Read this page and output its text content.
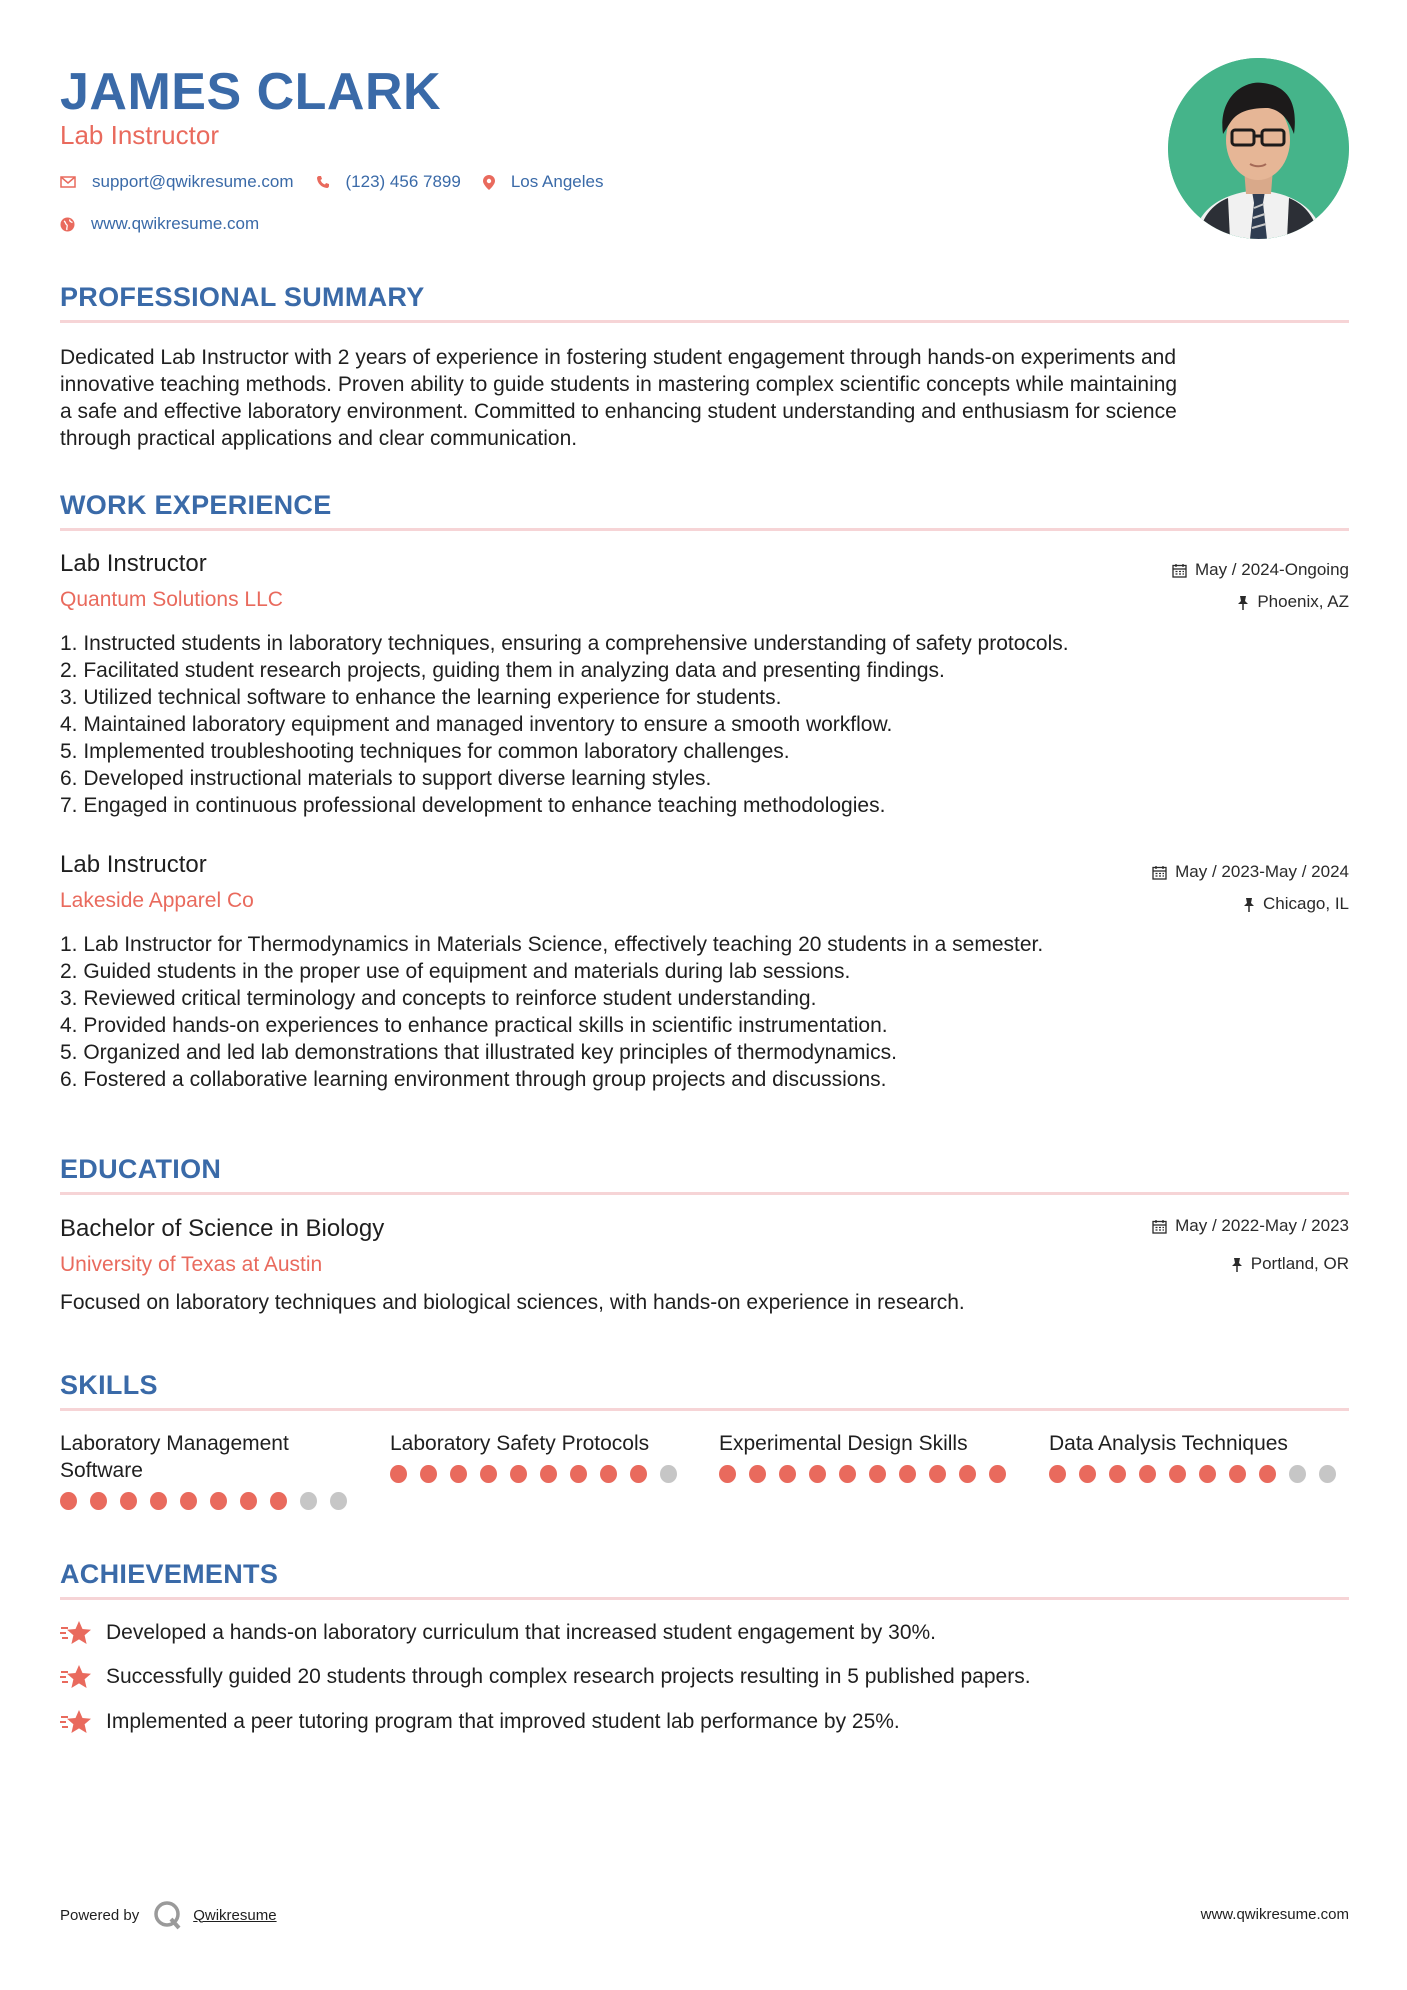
JAMES CLARK
Lab Instructor
support@qwikresume.com	(123) 456 7899	Los Angeles
www.qwikresume.com
PROFESSIONAL SUMMARY
Dedicated Lab Instructor with 2 years of experience in fostering student engagement through hands-on experiments and
innovative teaching methods. Proven ability to guide students in mastering complex scientific concepts while maintaining
a safe and effective laboratory environment. Committed to enhancing student understanding and enthusiasm for science
through practical applications and clear communication.
WORK EXPERIENCE
Lab Instructor
Quantum Solutions LLC
May / 2024-Ongoing
Phoenix, AZ
1. Instructed students in laboratory techniques, ensuring a comprehensive understanding of safety protocols.
2. Facilitated student research projects, guiding them in analyzing data and presenting findings.
3. Utilized technical software to enhance the learning experience for students.
4. Maintained laboratory equipment and managed inventory to ensure a smooth workflow.
5. Implemented troubleshooting techniques for common laboratory challenges.
6. Developed instructional materials to support diverse learning styles.
7. Engaged in continuous professional development to enhance teaching methodologies.
Lab Instructor
Lakeside Apparel Co
May / 2023-May / 2024
Chicago, IL
1. Lab Instructor for Thermodynamics in Materials Science, effectively teaching 20 students in a semester.
2. Guided students in the proper use of equipment and materials during lab sessions.
3. Reviewed critical terminology and concepts to reinforce student understanding.
4. Provided hands-on experiences to enhance practical skills in scientific instrumentation.
5. Organized and led lab demonstrations that illustrated key principles of thermodynamics.
6. Fostered a collaborative learning environment through group projects and discussions.
EDUCATION
Bachelor of Science in Biology
University of Texas at Austin
May / 2022-May / 2023
Portland, OR
Focused on laboratory techniques and biological sciences, with hands-on experience in research.
SKILLS
Laboratory Management
Software
Laboratory Safety Protocols	Experimental Design Skills	Data Analysis Techniques
ACHIEVEMENTS
Developed a hands-on laboratory curriculum that increased student engagement by 30%.
Successfully guided 20 students through complex research projects resulting in 5 published papers.
Implemented a peer tutoring program that improved student lab performance by 25%.
Powered by	Qwikresume	www.qwikresume.com
